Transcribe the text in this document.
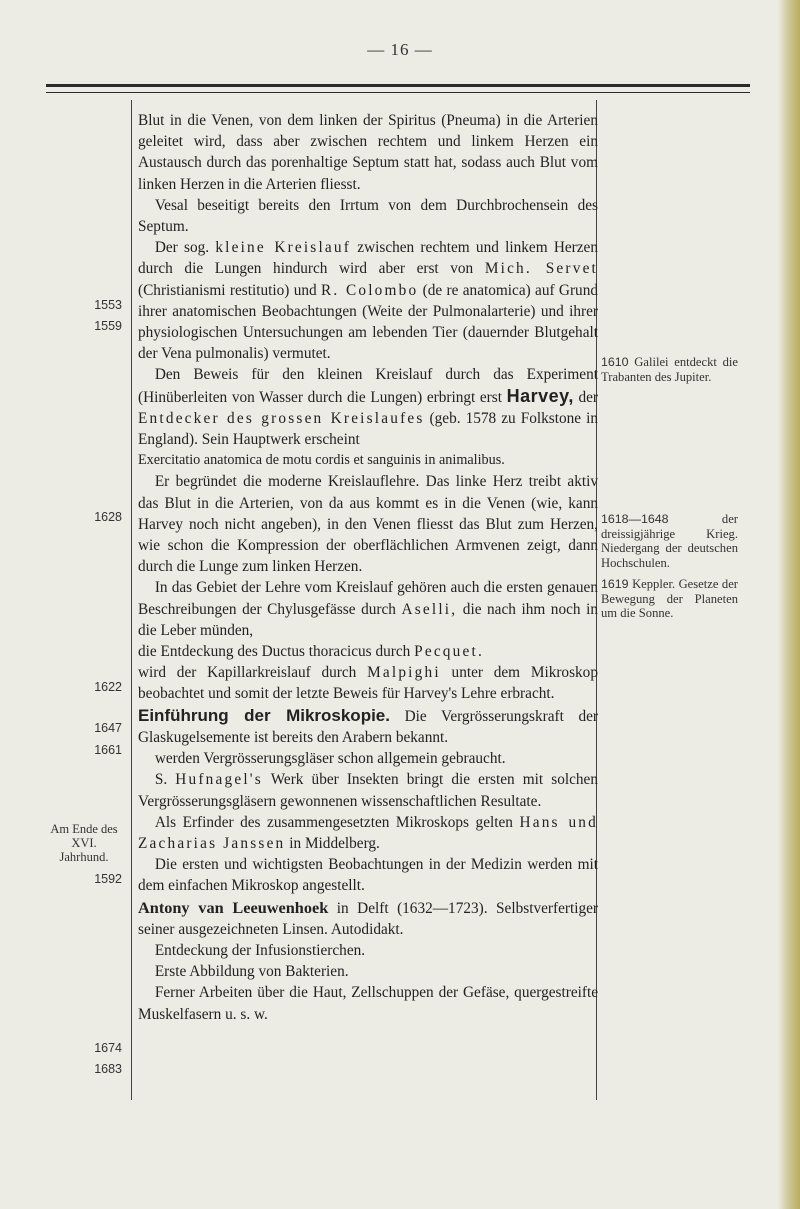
— 16 —

Blut in die Venen, von dem linken der Spiritus (Pneuma) in die Arterien geleitet wird, dass aber zwischen rechtem und linkem Herzen ein Austausch durch das porenhaltige Septum statt hat, sodass auch Blut vom linken Herzen in die Arterien fliesst.

Vesal beseitigt bereits den Irrtum von dem Durchbrochensein des Septum.

Der sog. kleine Kreislauf zwischen rechtem und linkem Herzen durch die Lungen hindurch wird aber erst von Mich. Servet (Christianismi restitutio) und R. Colombo (de re anatomica) auf Grund ihrer anatomischen Beobachtungen (Weite der Pulmonalarterie) und ihrer physiologischen Untersuchungen am lebenden Tier (dauernder Blutgehalt der Vena pulmonalis) vermutet.

Den Beweis für den kleinen Kreislauf durch das Experiment (Hinüberleiten von Wasser durch die Lungen) erbringt erst Harvey, der Entdecker des grossen Kreislaufes (geb. 1578 zu Folkstone in England). Sein Hauptwerk erscheint

Exercitatio anatomica de motu cordis et sanguinis in animalibus.

Er begründet die moderne Kreislauflehre. Das linke Herz treibt aktiv das Blut in die Arterien, von da aus kommt es in die Venen (wie, kann Harvey noch nicht angeben), in den Venen fliesst das Blut zum Herzen, wie schon die Kompression der oberflächlichen Armvenen zeigt, dann durch die Lunge zum linken Herzen.

In das Gebiet der Lehre vom Kreislauf gehören auch die ersten genauen Beschreibungen der Chylusgefässe durch Aselli, die nach ihm noch in die Leber münden,

die Entdeckung des Ductus thoracicus durch Pecquet.

wird der Kapillarkreislauf durch Malpighi unter dem Mikroskop beobachtet und somit der letzte Beweis für Harvey's Lehre erbracht.

Einführung der Mikroskopie. Die Vergrösserungskraft der Glaskugelsemente ist bereits den Arabern bekannt.

werden Vergrösserungsgläser schon allgemein gebraucht.

S. Hufnagel's Werk über Insekten bringt die ersten mit solchen Vergrösserungsgläsern gewonnenen wissenschaftlichen Resultate.

Als Erfinder des zusammengesetzten Mikroskops gelten Hans und Zacharias Janssen in Middelberg.

Die ersten und wichtigsten Beobachtungen in der Medizin werden mit dem einfachen Mikroskop angestellt.

Antony van Leeuwenhoek in Delft (1632—1723). Selbstverfertiger seiner ausgezeichneten Linsen. Autodidakt.

Entdeckung der Infusionstierchen.

Erste Abbildung von Bakterien.

Ferner Arbeiten über die Haut, Zellschuppen der Gefäse, quergestreifte Muskelfasern u. s. w.

1553
1559
1628
1622
1647
1661
Am Ende des XVI. Jahrhund.
1592
1674
1683
1610 Galilei entdeckt die Trabanten des Jupiter.
1618—1648	der dreissigjährige Krieg. Niedergang der deutschen Hochschulen.
1619 Keppler. Gesetze der Bewegung der Planeten um die Sonne.
